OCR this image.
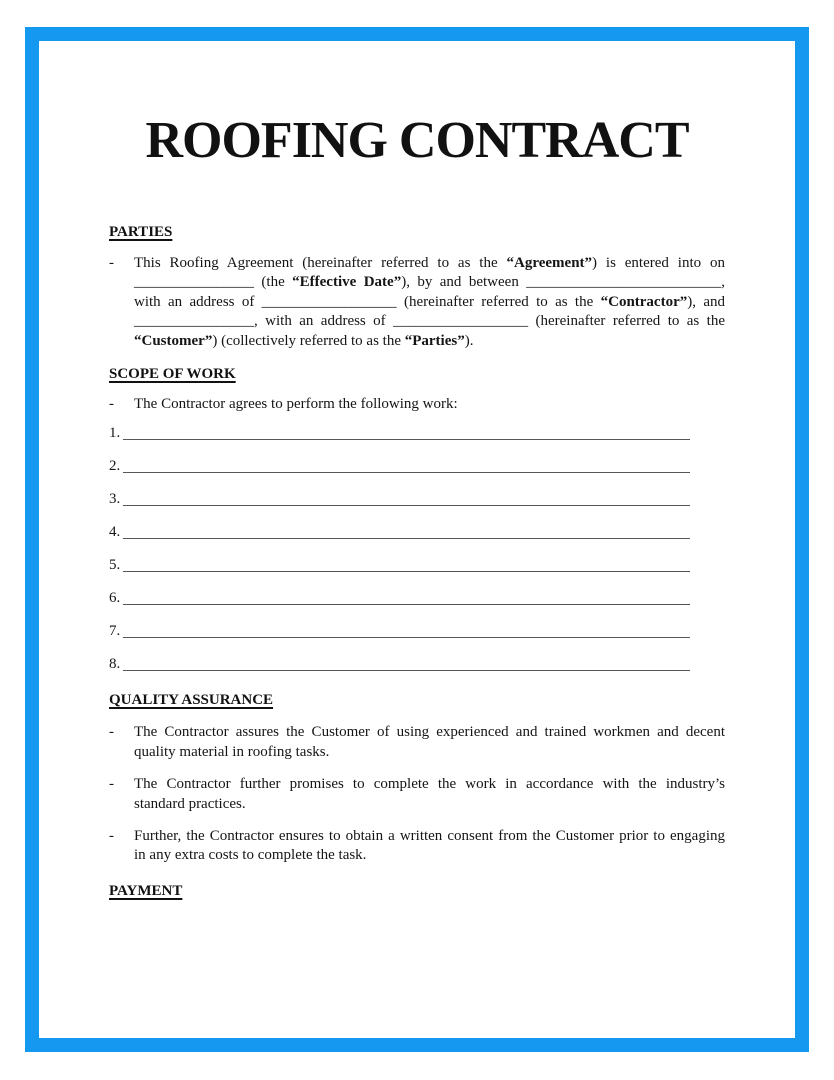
ROOFING CONTRACT
PARTIES
-	This Roofing Agreement (hereinafter referred to as the “Agreement”) is entered into on
________________ (the “Effective Date”), by and between __________________________,
with an address of __________________ (hereinafter referred to as the “Contractor”), and
________________, with an address of __________________ (hereinafter referred to as the
“Customer”) (collectively referred to as the “Parties”).
SCOPE OF WORK
-	The Contractor agrees to perform the following work:
1.
2.
3.
4.
5.
6.
7.
8.
QUALITY ASSURANCE
-	The Contractor assures the Customer of using experienced and trained workmen and decent
quality material in roofing tasks.
-	The Contractor further promises to complete the work in accordance with the industry’s
standard practices.
-	Further, the Contractor ensures to obtain a written consent from the Customer prior to engaging
in any extra costs to complete the task.
PAYMENT
